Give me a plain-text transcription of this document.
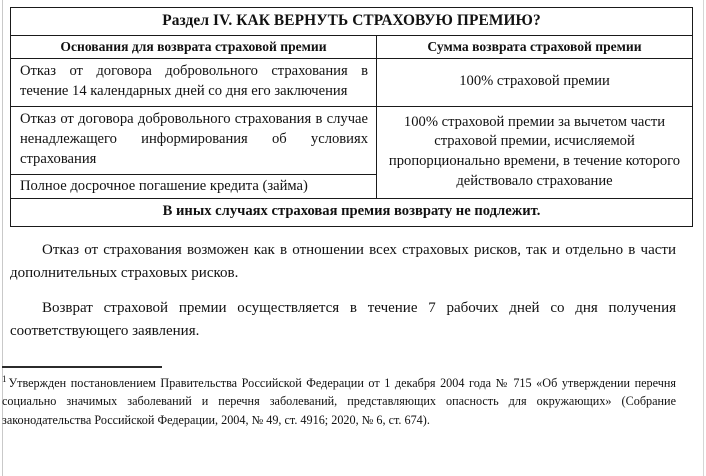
Раздел IV. КАК ВЕРНУТЬ СТРАХОВУЮ ПРЕМИЮ?	
Основания для возврата страховой премии	Сумма возврата страховой премии
Отказ от договора добровольного страхования в течение 14 календарных дней со дня его заключения	100% страховой премии
Отказ от договора добровольного страхования в случае ненадлежащего информирования об условиях страхования	100% страховой премии за вычетом части страховой премии, исчисляемой пропорционально времени, в течение которого действовало страхование
Полное досрочное погашение кредита (займа)	
В иных случаях страховая премия возврату не подлежит.	

Отказ от страхования возможен как в отношении всех страховых рисков, так и отдельно в части дополнительных страховых рисков.

Возврат страховой премии осуществляется в течение 7 рабочих дней со дня получения соответствующего заявления.

$^1$ Утвержден постановлением Правительства Российской Федерации от 1 декабря 2004 года № 715 «Об утверждении перечня социально значимых заболеваний и перечня заболеваний, представляющих опасность для окружающих» (Собрание законодательства Российской Федерации, 2004, № 49, ст. 4916; 2020, № 6, ст. 674).
